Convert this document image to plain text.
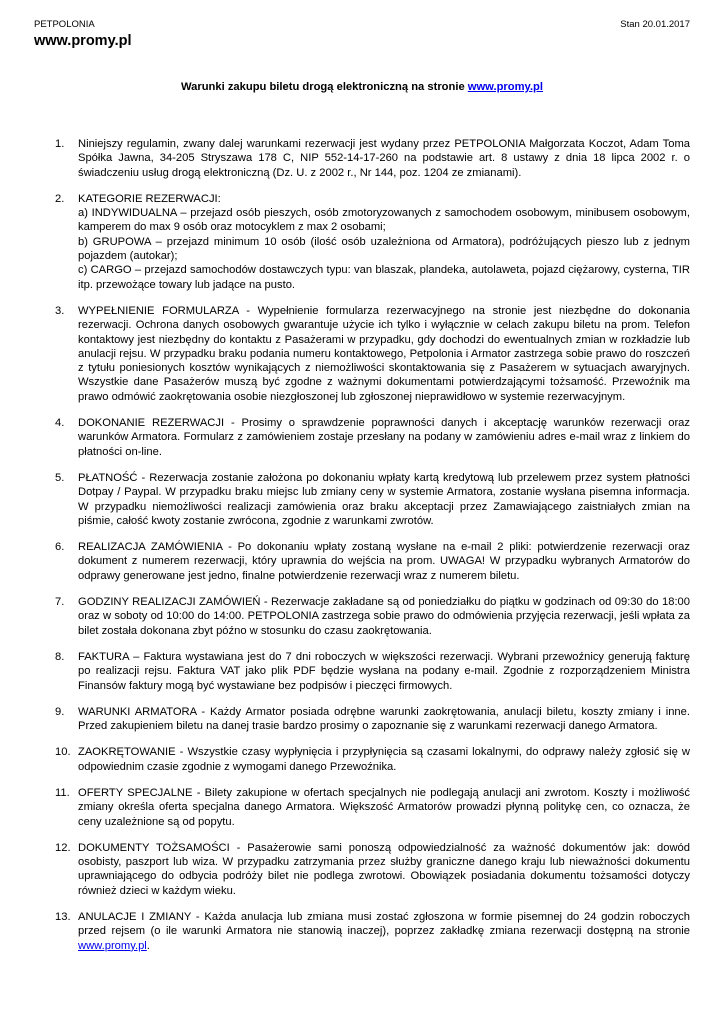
PETPOLONIA
www.promy.pl
Stan 20.01.2017
Warunki zakupu biletu drogą elektroniczną na stronie www.promy.pl
1.	Niniejszy regulamin, zwany dalej warunkami rezerwacji jest wydany przez PETPOLONIA Małgorzata Koczot, Adam Toma Spółka Jawna, 34-205 Stryszawa 178 C, NIP 552-14-17-260 na podstawie art. 8 ustawy z dnia 18 lipca 2002 r. o świadczeniu usług drogą elektroniczną (Dz. U. z 2002 r., Nr 144, poz. 1204 ze zmianami).
2.	KATEGORIE REZERWACJI:

a) INDYWIDUALNA – przejazd osób pieszych, osób zmotoryzowanych z samochodem osobowym, minibusem osobowym, kamperem do max 9 osób oraz motocyklem z max 2 osobami;

b) GRUPOWA – przejazd minimum 10 osób (ilość osób uzależniona od Armatora), podróżujących pieszo lub z jednym pojazdem (autokar);

c) CARGO – przejazd samochodów dostawczych typu: van blaszak, plandeka, autolaweta, pojazd ciężarowy, cysterna, TIR itp. przewożące towary lub jadące na pusto.

3.	WYPEŁNIENIE FORMULARZA - Wypełnienie formularza rezerwacyjnego na stronie jest niezbędne do dokonania rezerwacji. Ochrona danych osobowych gwarantuje użycie ich tylko i wyłącznie w celach zakupu biletu na prom. Telefon kontaktowy jest niezbędny do kontaktu z Pasażerami w przypadku, gdy dochodzi do ewentualnych zmian w rozkładzie lub anulacji rejsu. W przypadku braku podania numeru kontaktowego, Petpolonia i Armator zastrzega sobie prawo do roszczeń z tytułu poniesionych kosztów wynikających z niemożliwości skontaktowania się z Pasażerem w sytuacjach awaryjnych. Wszystkie dane Pasażerów muszą być zgodne z ważnymi dokumentami potwierdzającymi tożsamość. Przewoźnik ma prawo odmówić zaokrętowania osobie niezgłoszonej lub zgłoszonej nieprawidłowo w systemie rezerwacyjnym.
4.	DOKONANIE REZERWACJI - Prosimy o sprawdzenie poprawności danych i akceptację warunków rezerwacji oraz warunków Armatora. Formularz z zamówieniem zostaje przesłany na podany w zamówieniu adres e-mail wraz z linkiem do płatności on-line.
5.	PŁATNOŚĆ - Rezerwacja zostanie założona po dokonaniu wpłaty kartą kredytową lub przelewem przez system płatności Dotpay / Paypal. W przypadku braku miejsc lub zmiany ceny w systemie Armatora, zostanie wysłana pisemna informacja. W przypadku niemożliwości realizacji zamówienia oraz braku akceptacji przez Zamawiającego zaistniałych zmian na piśmie, całość kwoty zostanie zwrócona, zgodnie z warunkami zwrotów.
6.	REALIZACJA ZAMÓWIENIA - Po dokonaniu wpłaty zostaną wysłane na e-mail 2 pliki: potwierdzenie rezerwacji oraz dokument z numerem rezerwacji, który uprawnia do wejścia na prom. UWAGA! W przypadku wybranych Armatorów do odprawy generowane jest jedno, finalne potwierdzenie rezerwacji wraz z numerem biletu.
7.	GODZINY REALIZACJI ZAMÓWIEŃ - Rezerwacje zakładane są od poniedziałku do piątku w godzinach od 09:30 do 18:00 oraz w soboty od 10:00 do 14:00. PETPOLONIA zastrzega sobie prawo do odmówienia przyjęcia rezerwacji, jeśli wpłata za bilet została dokonana zbyt późno w stosunku do czasu zaokrętowania.
8.	FAKTURA – Faktura wystawiana jest do 7 dni roboczych w większości rezerwacji. Wybrani przewoźnicy generują fakturę po realizacji rejsu. Faktura VAT jako plik PDF będzie wysłana na podany e-mail. Zgodnie z rozporządzeniem Ministra Finansów faktury mogą być wystawiane bez podpisów i pieczęci firmowych.
9.	WARUNKI ARMATORA - Każdy Armator posiada odrębne warunki zaokrętowania, anulacji biletu, koszty zmiany i inne. Przed zakupieniem biletu na danej trasie bardzo prosimy o zapoznanie się z warunkami rezerwacji danego Armatora.
10. ZAOKRĘTOWANIE - Wszystkie czasy wypłynięcia i przypłynięcia są czasami lokalnymi, do odprawy należy zgłosić się w odpowiednim czasie zgodnie z wymogami danego Przewoźnika.
11. OFERTY SPECJALNE - Bilety zakupione w ofertach specjalnych nie podlegają anulacji ani zwrotom. Koszty i możliwość zmiany określa oferta specjalna danego Armatora. Większość Armatorów prowadzi płynną politykę cen, co oznacza, że ceny uzależnione są od popytu.
12. DOKUMENTY TOŻSAMOŚCI - Pasażerowie sami ponoszą odpowiedzialność za ważność dokumentów jak: dowód osobisty, paszport lub wiza. W przypadku zatrzymania przez służby graniczne danego kraju lub nieważności dokumentu uprawniającego do odbycia podróży bilet nie podlega zwrotowi. Obowiązek posiadania dokumentu tożsamości dotyczy również dzieci w każdym wieku.
13. ANULACJE I ZMIANY - Każda anulacja lub zmiana musi zostać zgłoszona w formie pisemnej do 24 godzin roboczych przed rejsem (o ile warunki Armatora nie stanowią inaczej), poprzez zakładkę zmiana rezerwacji dostępną na stronie www.promy.pl.
